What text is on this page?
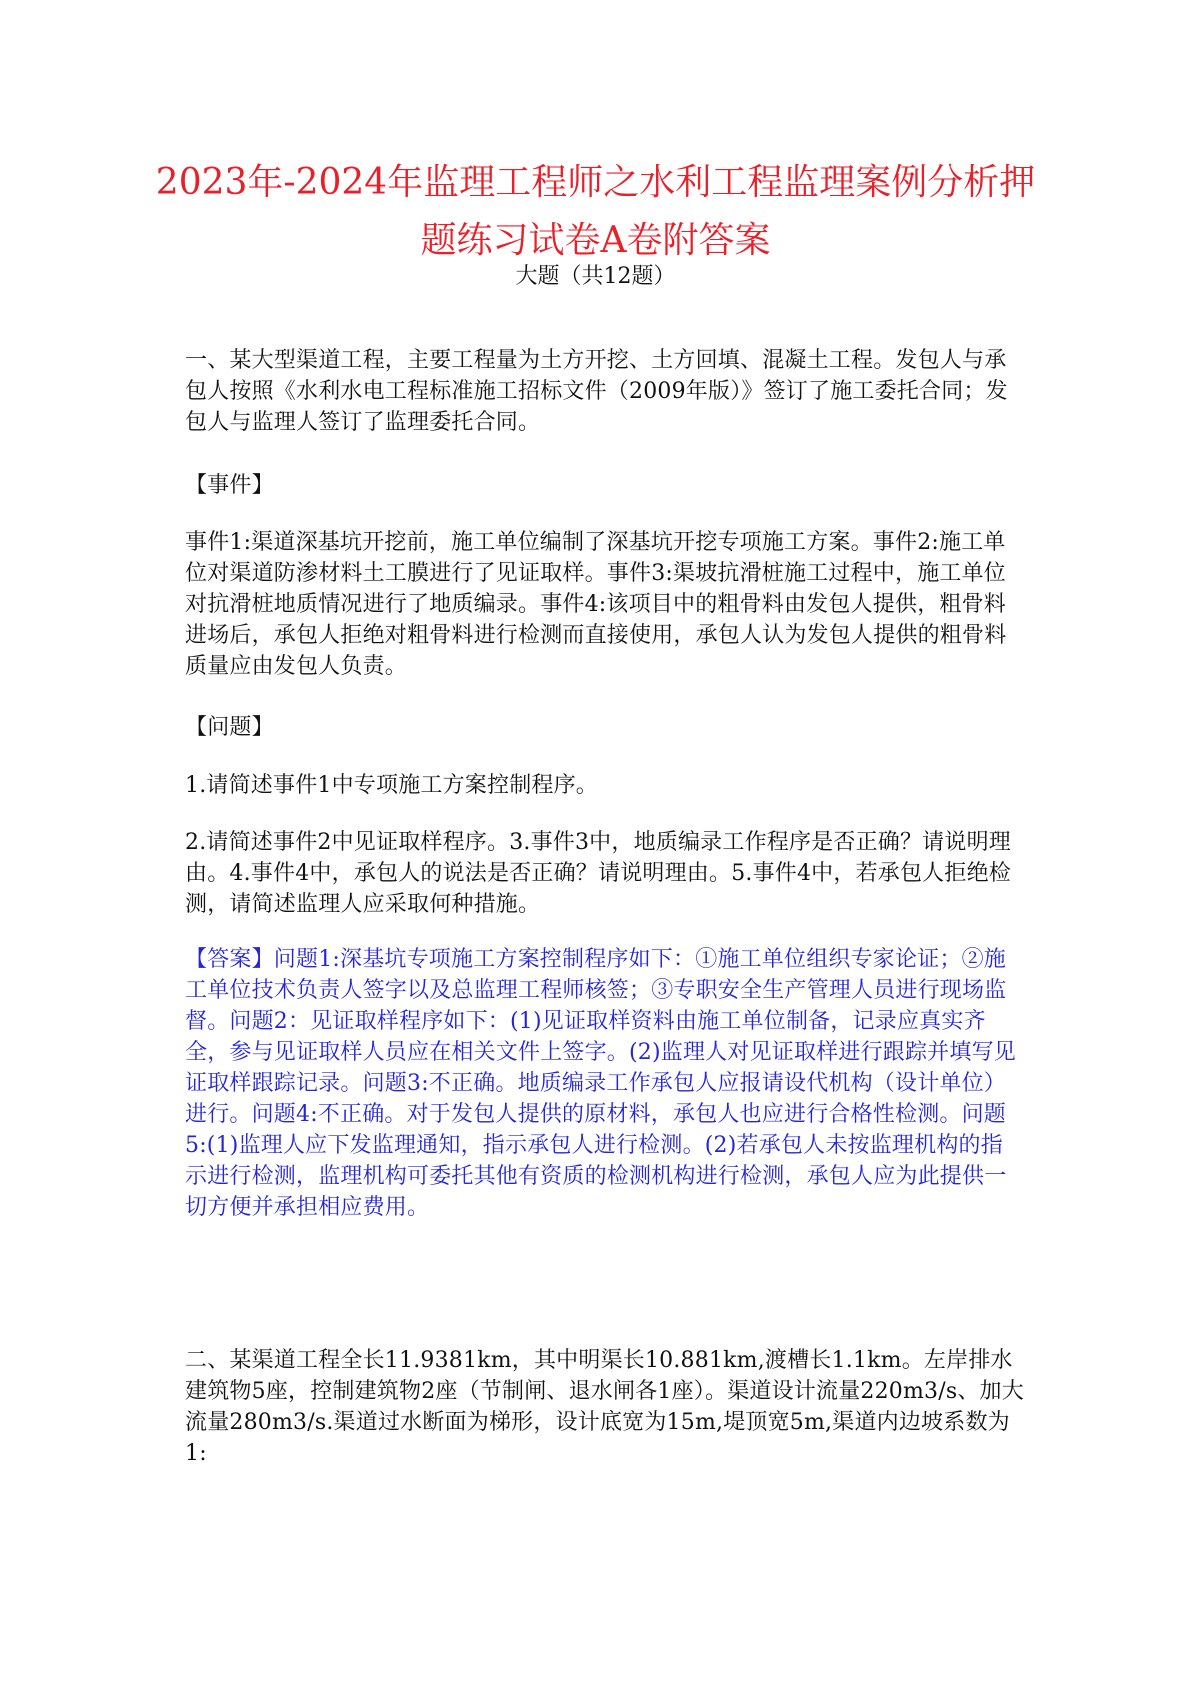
2023年-2024年监理工程师之水利工程监理案例分析押题练习试卷A卷附答案
大题（共12题）

一、某大型渠道工程，主要工程量为土方开挖、土方回填、混凝土工程。发包人与承包人按照《水利水电工程标准施工招标文件（2009年版）》签订了施工委托合同；发包人与监理人签订了监理委托合同。

【事件】

事件1:渠道深基坑开挖前，施工单位编制了深基坑开挖专项施工方案。事件2:施工单位对渠道防渗材料土工膜进行了见证取样。事件3:渠坡抗滑桩施工过程中，施工单位对抗滑桩地质情况进行了地质编录。事件4:该项目中的粗骨料由发包人提供，粗骨料进场后，承包人拒绝对粗骨料进行检测而直接使用，承包人认为发包人提供的粗骨料质量应由发包人负责。

【问题】

1.请简述事件1中专项施工方案控制程序。

2.请简述事件2中见证取样程序。3.事件3中，地质编录工作程序是否正确？请说明理由。4.事件4中，承包人的说法是否正确？请说明理由。5.事件4中，若承包人拒绝检测，请简述监理人应采取何种措施。

【答案】问题1:深基坑专项施工方案控制程序如下：①施工单位组织专家论证；②施工单位技术负责人签字以及总监理工程师核签；③专职安全生产管理人员进行现场监督。问题2：见证取样程序如下：(1)见证取样资料由施工单位制备，记录应真实齐全，参与见证取样人员应在相关文件上签字。(2)监理人对见证取样进行跟踪并填写见证取样跟踪记录。问题3:不正确。地质编录工作承包人应报请设代机构（设计单位）进行。问题4:不正确。对于发包人提供的原材料，承包人也应进行合格性检测。问题5:(1)监理人应下发监理通知，指示承包人进行检测。(2)若承包人未按监理机构的指示进行检测，监理机构可委托其他有资质的检测机构进行检测，承包人应为此提供一切方便并承担相应费用。

二、某渠道工程全长11.9381km，其中明渠长10.881km,渡槽长1.1km。左岸排水建筑物5座，控制建筑物2座（节制闸、退水闸各1座）。渠道设计流量220m3/s、加大流量280m3/s.渠道过水断面为梯形，设计底宽为15m,堤顶宽5m,渠道内边坡系数为1:
